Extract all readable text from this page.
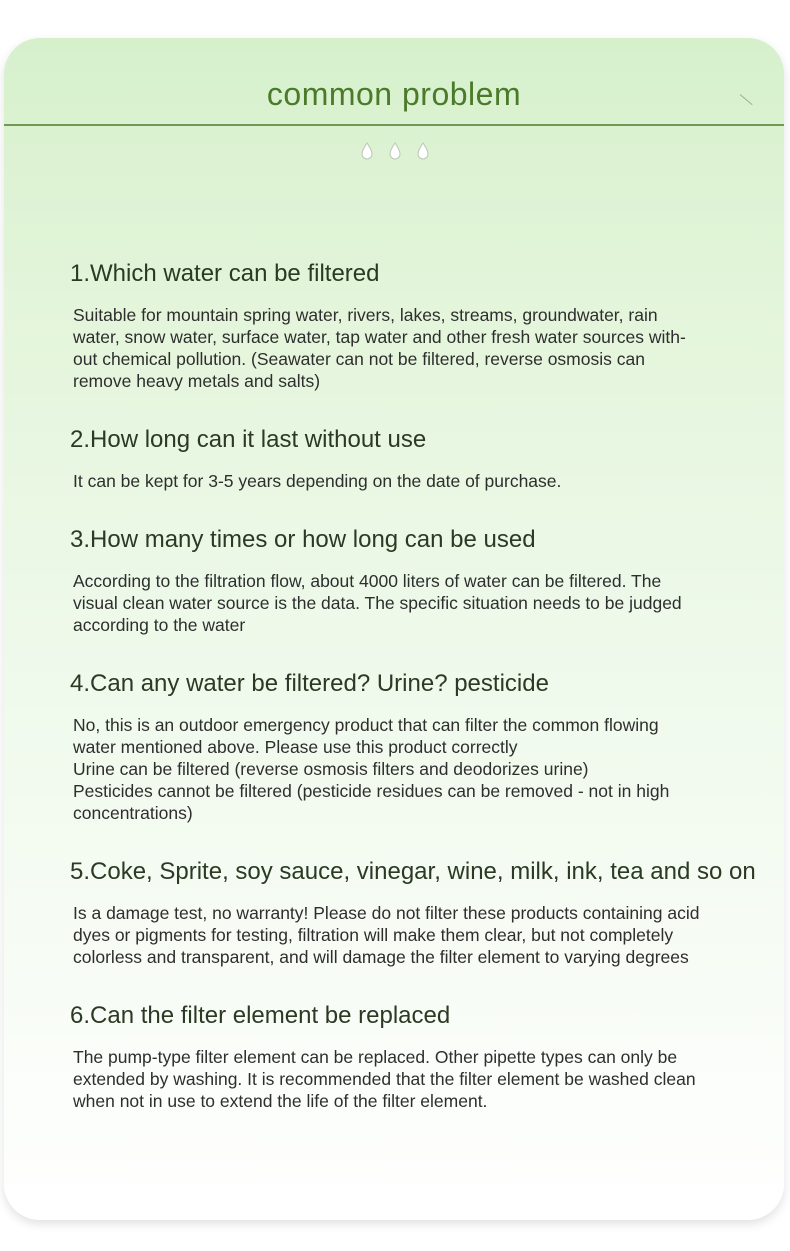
common problem
1.Which water can be filtered

Suitable for mountain spring water, rivers, lakes, streams, groundwater, rain
water, snow water, surface water, tap water and other fresh water sources with-
out chemical pollution. (Seawater can not be filtered, reverse osmosis can
remove heavy metals and salts)

2.How long can it last without use

It can be kept for 3-5 years depending on the date of purchase.

3.How many times or how long can be used

According to the filtration flow, about 4000 liters of water can be filtered. The
visual clean water source is the data. The specific situation needs to be judged
according to the water

4.Can any water be filtered? Urine? pesticide

No, this is an outdoor emergency product that can filter the common flowing
water mentioned above. Please use this product correctly
Urine can be filtered (reverse osmosis filters and deodorizes urine)
Pesticides cannot be filtered (pesticide residues can be removed - not in high
concentrations)

5.Coke, Sprite, soy sauce, vinegar, wine, milk, ink, tea and so on

Is a damage test, no warranty! Please do not filter these products containing acid
dyes or pigments for testing, filtration will make them clear, but not completely
colorless and transparent, and will damage the filter element to varying degrees

6.Can the filter element be replaced

The pump-type filter element can be replaced. Other pipette types can only be
extended by washing. It is recommended that the filter element be washed clean
when not in use to extend the life of the filter element.
